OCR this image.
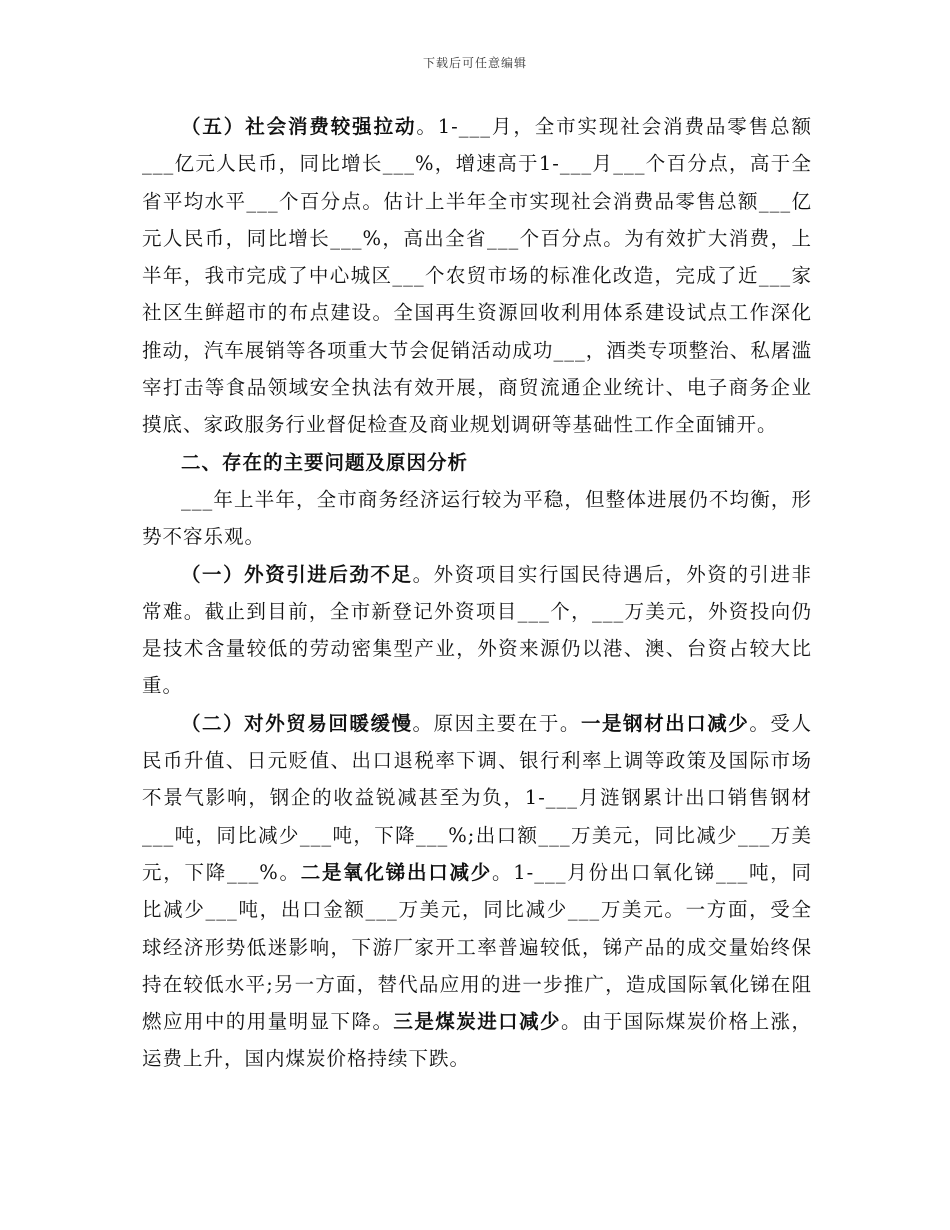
下载后可任意编辑

（五）社会消费较强拉动。1-___月，全市实现社会消费品零售总额___亿元人民币，同比增长___%，增速高于1-___月___个百分点，高于全省平均水平___个百分点。估计上半年全市实现社会消费品零售总额___亿元人民币，同比增长___%，高出全省___个百分点。为有效扩大消费，上半年，我市完成了中心城区___个农贸市场的标准化改造，完成了近___家社区生鲜超市的布点建设。全国再生资源回收利用体系建设试点工作深化推动，汽车展销等各项重大节会促销活动成功___，酒类专项整治、私屠滥宰打击等食品领域安全执法有效开展，商贸流通企业统计、电子商务企业摸底、家政服务行业督促检查及商业规划调研等基础性工作全面铺开。

二、存在的主要问题及原因分析

___年上半年，全市商务经济运行较为平稳，但整体进展仍不均衡，形势不容乐观。

（一）外资引进后劲不足。外资项目实行国民待遇后，外资的引进非常难。截止到目前，全市新登记外资项目___个，___万美元，外资投向仍是技术含量较低的劳动密集型产业，外资来源仍以港、澳、台资占较大比重。

（二）对外贸易回暖缓慢。原因主要在于。一是钢材出口减少。受人民币升值、日元贬值、出口退税率下调、银行利率上调等政策及国际市场不景气影响，钢企的收益锐减甚至为负，1-___月涟钢累计出口销售钢材___吨，同比减少___吨，下降___%;出口额___万美元，同比减少___万美元，下降___%。二是氧化锑出口减少。1-___月份出口氧化锑___吨，同比减少___吨，出口金额___万美元，同比减少___万美元。一方面，受全球经济形势低迷影响，下游厂家开工率普遍较低，锑产品的成交量始终保持在较低水平;另一方面，替代品应用的进一步推广，造成国际氧化锑在阻燃应用中的用量明显下降。三是煤炭进口减少。由于国际煤炭价格上涨，运费上升，国内煤炭价格持续下跌。
